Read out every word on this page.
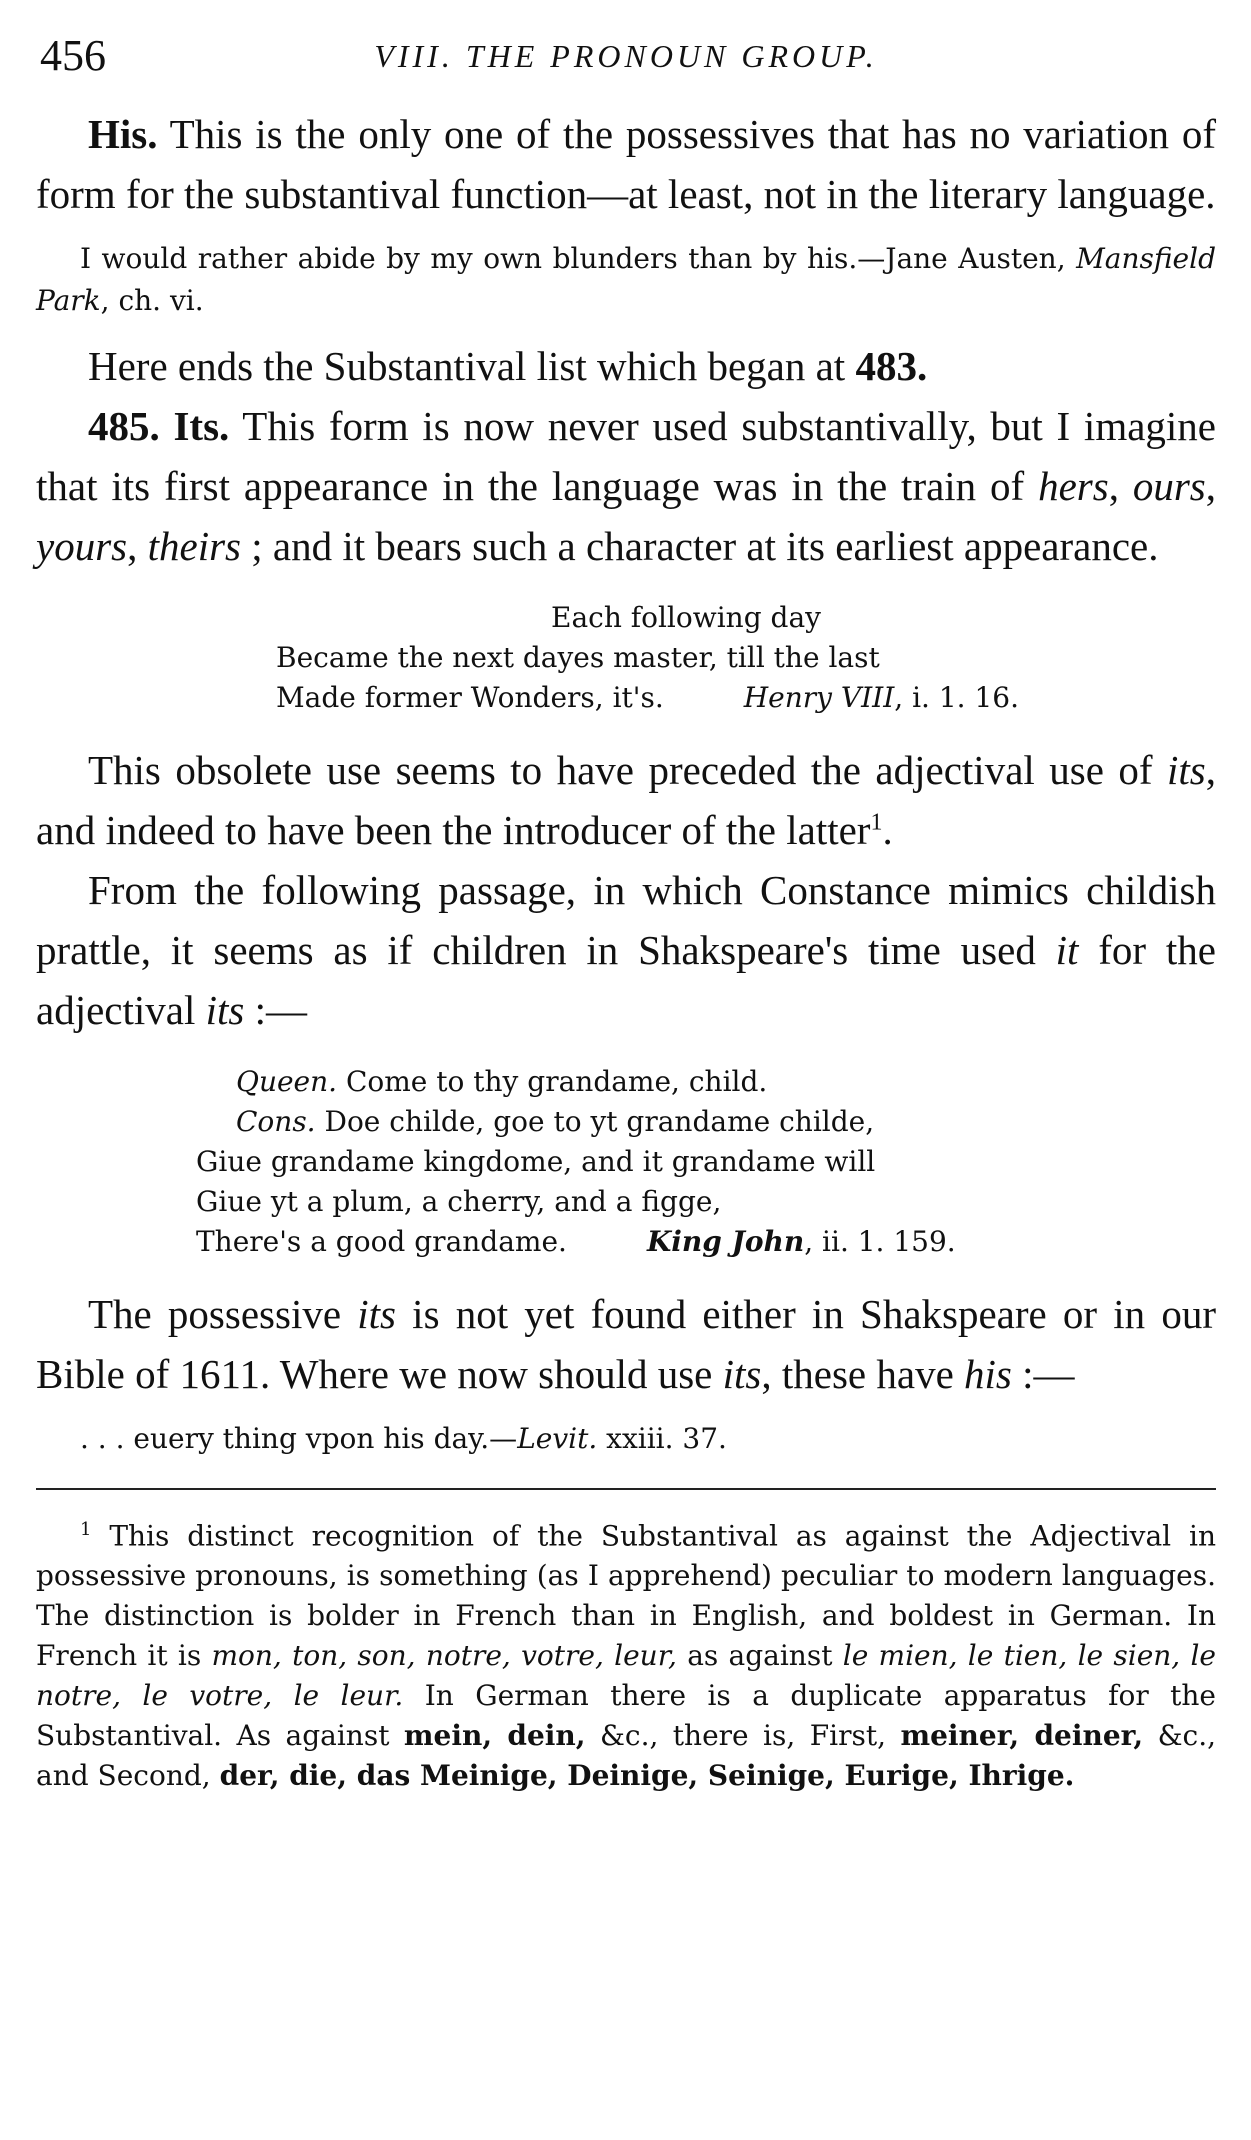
456	VIII. THE PRONOUN GROUP.

His. This is the only one of the possessives that has no variation of form for the substantival function—at least, not in the literary language.

I would rather abide by my own blunders than by his.—Jane Austen, Mansfield Park, ch. vi.

Here ends the Substantival list which began at 483.

485. Its. This form is now never used substantivally, but I imagine that its first appearance in the language was in the train of hers, ours, yours, theirs ; and it bears such a character at its earliest appearance.

Each following day
Became the next dayes master, till the last
Made former Wonders, it's.	Henry VIII, i. 1. 16.

This obsolete use seems to have preceded the adjectival use of its, and indeed to have been the introducer of the latter$^1$.

From the following passage, in which Constance mimics childish prattle, it seems as if children in Shakspeare's time used it for the adjectival its :—

Queen. Come to thy grandame, child.
Cons. Doe childe, goe to yt grandame childe,
Giue grandame kingdome, and it grandame will
Giue yt a plum, a cherry, and a figge,
There's a good grandame.	King John, ii. 1. 159.

The possessive its is not yet found either in Shakspeare or in our Bible of 1611. Where we now should use its, these have his :—

. . . euery thing vpon his day.—Levit. xxiii. 37.

$^1$ This distinct recognition of the Substantival as against the Adjectival in possessive pronouns, is something (as I apprehend) peculiar to modern languages. The distinction is bolder in French than in English, and boldest in German. In French it is mon, ton, son, notre, votre, leur, as against le mien, le tien, le sien, le notre, le votre, le leur. In German there is a duplicate apparatus for the Substantival. As against mein, dein, &c., there is, First, meiner, deiner, &c., and Second, der, die, das Meinige, Deinige, Seinige, Eurige, Ihrige.
